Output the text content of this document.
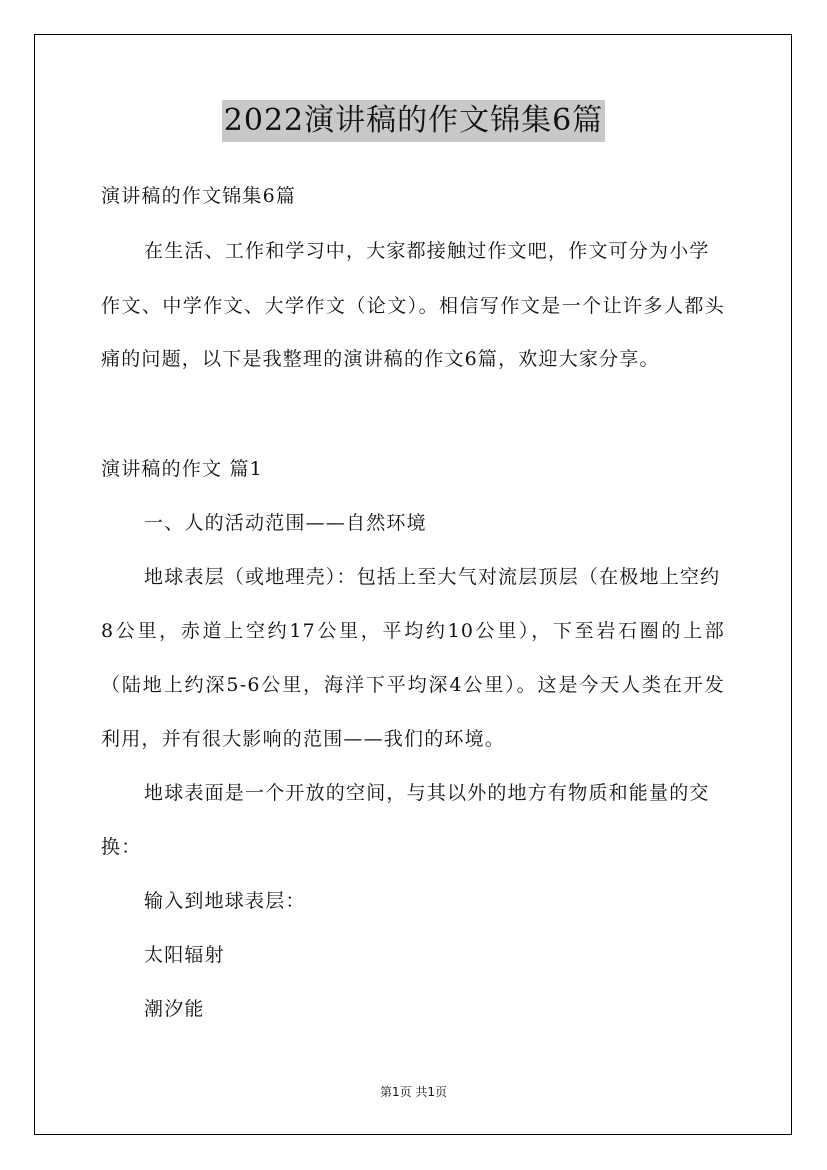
2022演讲稿的作文锦集6篇
演讲稿的作文锦集6篇
在生活、工作和学习中，大家都接触过作文吧，作文可分为小学
作文、中学作文、大学作文（论文）。相信写作文是一个让许多人都头
痛的问题，以下是我整理的演讲稿的作文6篇，欢迎大家分享。
演讲稿的作文 篇1
一、人的活动范围——自然环境
地球表层（或地理壳）：包括上至大气对流层顶层（在极地上空约
8公里，赤道上空约17公里，平均约10公里），下至岩石圈的上部
（陆地上约深5-6公里，海洋下平均深4公里）。这是今天人类在开发
利用，并有很大影响的范围——我们的环境。
地球表面是一个开放的空间，与其以外的地方有物质和能量的交
换：
输入到地球表层：
太阳辐射
潮汐能
第1页 共1页
